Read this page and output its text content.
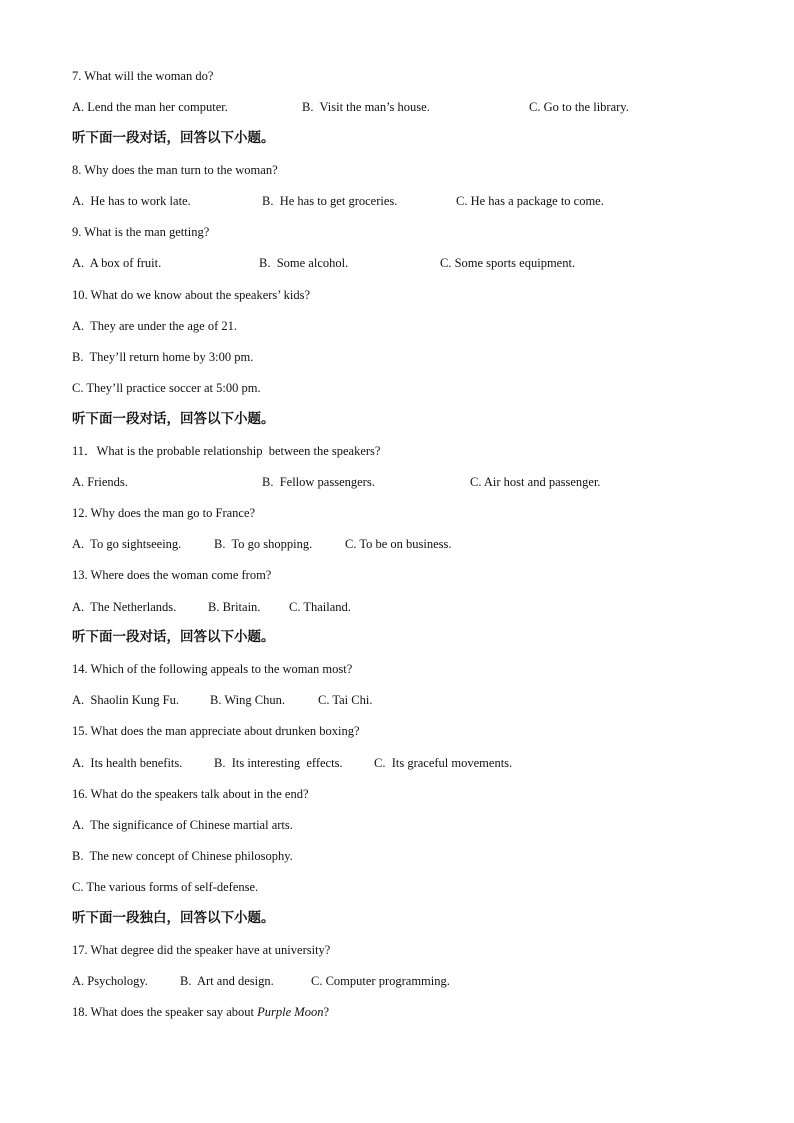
7. What will the woman do?
A. Lend the man her computer.	B.  Visit the man’s house.	C. Go to the library.
听下面一段对话，回答以下小题。
8. Why does the man turn to the woman?
A.  He has to work late.	B.  He has to get groceries.	C. He has a package to come.
9. What is the man getting?
A.  A box of fruit.	B.  Some alcohol.	C. Some sports equipment.
10. What do we know about the speakers’ kids?
A.  They are under the age of 21.
B.  They’ll return home by 3:00 pm.
C. They’ll practice soccer at 5:00 pm.
听下面一段对话，回答以下小题。
11．What is the probable relationship  between the speakers?
A. Friends.	B.  Fellow passengers.	C. Air host and passenger.
12. Why does the man go to France?
A.  To go sightseeing.	B.  To go shopping.	C. To be on business.
13. Where does the woman come from?
A.  The Netherlands.	B. Britain. C. Thailand.
听下面一段对话，回答以下小题。
14. Which of the following appeals to the woman most?
A.  Shaolin Kung Fu. B. Wing Chun.	C. Tai Chi.
15. What does the man appreciate about drunken boxing?
A.  Its health benefits.	B.  Its interesting  effects.	C.  Its graceful movements.
16. What do the speakers talk about in the end?
A.  The significance of Chinese martial arts.
B.  The new concept of Chinese philosophy.
C. The various forms of self-defense.
听下面一段独白，回答以下小题。
17. What degree did the speaker have at university?
A. Psychology.	B.  Art and design.	C. Computer programming.
18. What does the speaker say about Purple Moon?
